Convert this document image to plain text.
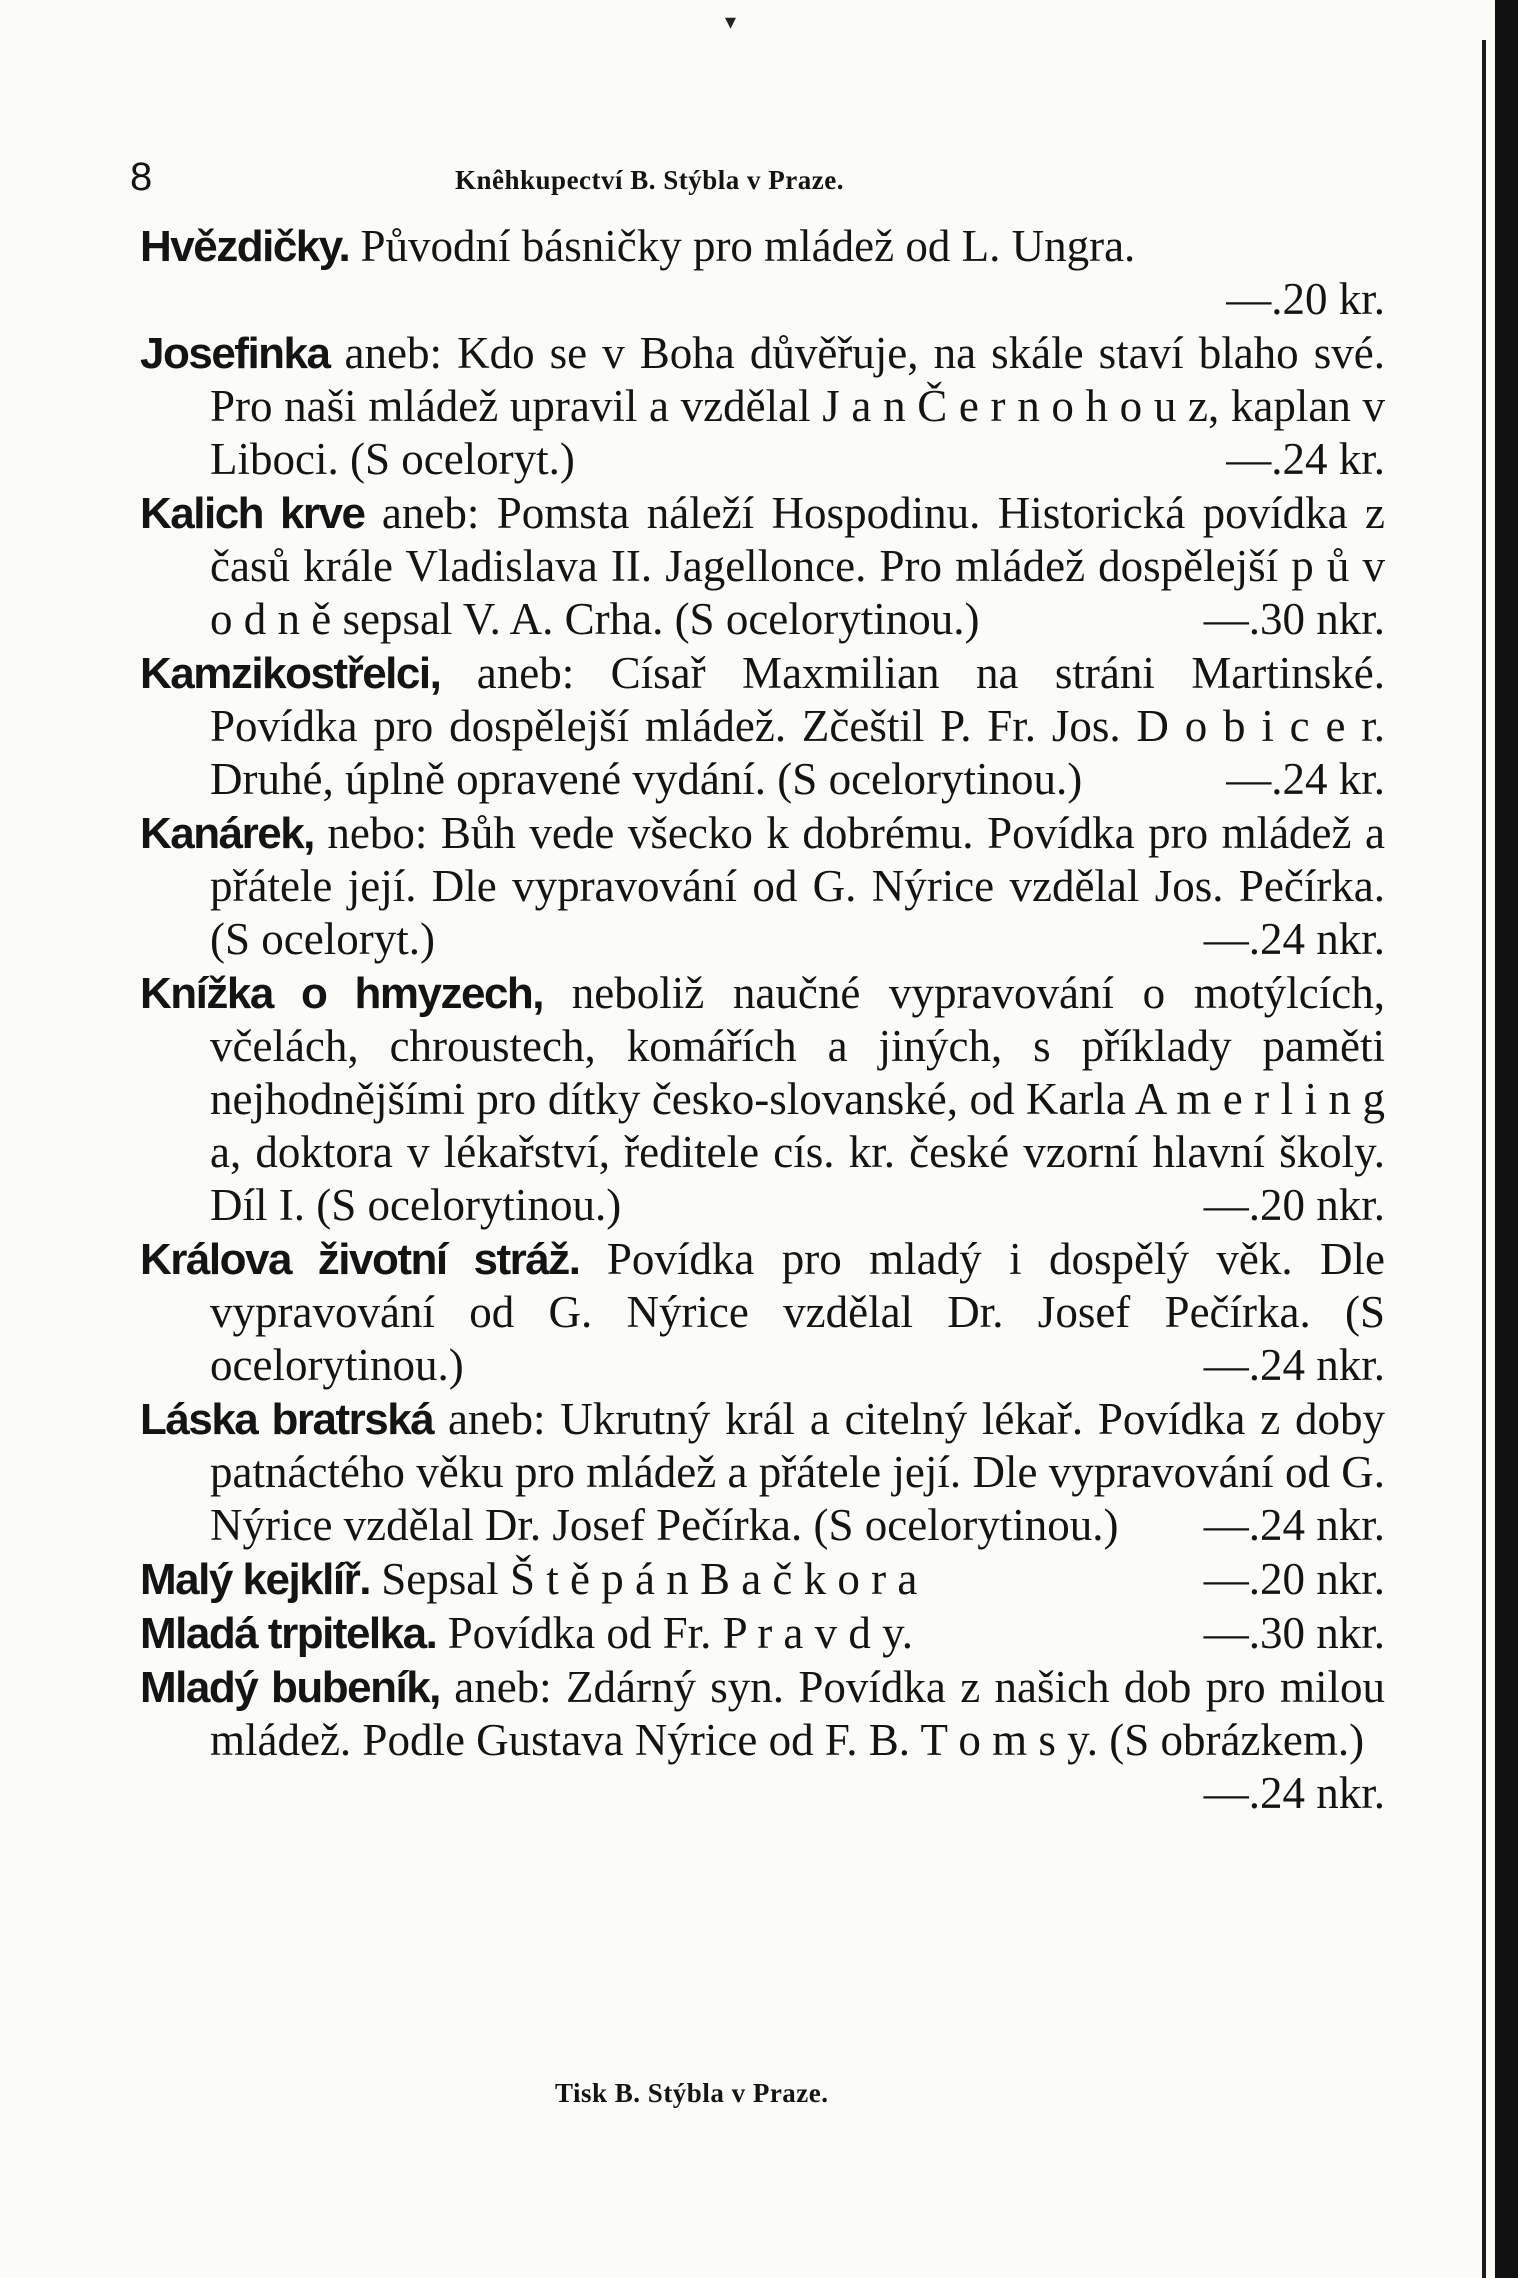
▾
8	Knêhkupectví B. Stýbla v Praze.
Hvězdičky. Původní básničky pro mládež od L. Ungra.
—.20 kr.
Josefinka aneb: Kdo se v Boha důvěřuje, na skále staví blaho své. Pro naši mládež upravil a vzdělal J a n Č e r n o h o u z, kaplan v Liboci. (S oceloryt.)	—.24 kr.
Kalich krve aneb: Pomsta náleží Hospodinu. Historická povídka z časů krále Vladislava II. Jagellonce. Pro mládež dospělejší p ů v o d n ě sepsal V. A. Crha. (S ocelorytinou.)	—.30 nkr.
Kamzikostřelci, aneb: Císař Maxmilian na stráni Martinské. Povídka pro dospělejší mládež. Zčeštil P. Fr. Jos. D o b i c e r. Druhé, úplně opravené vydání. (S ocelorytinou.)	—.24 kr.
Kanárek, nebo: Bůh vede všecko k dobrému. Povídka pro mládež a přátele její. Dle vypravování od G. Nýrice vzdělal Jos. Pečírka. (S oceloryt.)	—.24 nkr.
Knížka o hmyzech, neboliž naučné vypravování o motýlcích, včelách, chroustech, komářích a jiných, s příklady paměti nejhodnějšími pro dítky česko-slovanské, od Karla A m e r l i n g a, doktora v lékařství, ředitele cís. kr. české vzorní hlavní školy. Díl I. (S ocelorytinou.)	—.20 nkr.
Králova životní stráž. Povídka pro mladý i dospělý věk. Dle vypravování od G. Nýrice vzdělal Dr. Josef Pečírka. (S ocelorytinou.)	—.24 nkr.
Láska bratrská aneb: Ukrutný král a citelný lékař. Povídka z doby patnáctého věku pro mládež a přátele její. Dle vypravování od G. Nýrice vzdělal Dr. Josef Pečírka. (S ocelorytinou.) —.24 nkr.
Malý kejklíř. Sepsal Š t ě p á n B a č k o r a	—.20 nkr.
Mladá trpitelka. Povídka od Fr. P r a v d y.	—.30 nkr.
Mladý bubeník, aneb: Zdárný syn. Povídka z našich dob pro milou mládež. Podle Gustava Nýrice od F. B. T o m s y. (S obrázkem.)
—.24 nkr.
Tisk B. Stýbla v Praze.
